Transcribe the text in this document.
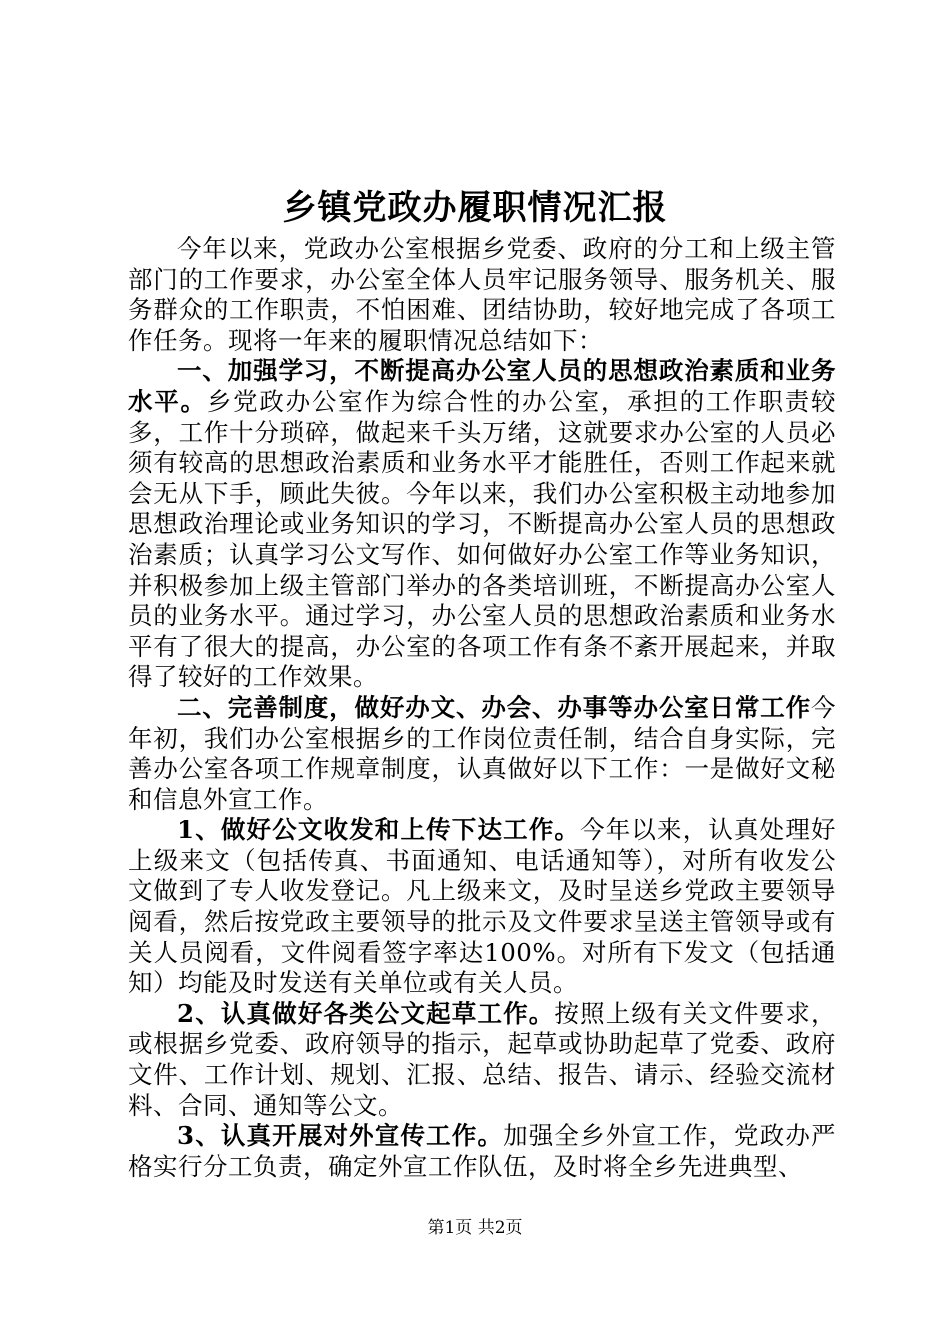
乡镇党政办履职情况汇报

今年以来，党政办公室根据乡党委、政府的分工和上级主管部门的工作要求，办公室全体人员牢记服务领导、服务机关、服务群众的工作职责，不怕困难、团结协助，较好地完成了各项工作任务。现将一年来的履职情况总结如下：

一、加强学习，不断提高办公室人员的思想政治素质和业务水平。乡党政办公室作为综合性的办公室，承担的工作职责较多，工作十分琐碎，做起来千头万绪，这就要求办公室的人员必须有较高的思想政治素质和业务水平才能胜任，否则工作起来就会无从下手，顾此失彼。今年以来，我们办公室积极主动地参加思想政治理论或业务知识的学习，不断提高办公室人员的思想政治素质；认真学习公文写作、如何做好办公室工作等业务知识，并积极参加上级主管部门举办的各类培训班，不断提高办公室人员的业务水平。通过学习，办公室人员的思想政治素质和业务水平有了很大的提高，办公室的各项工作有条不紊开展起来，并取得了较好的工作效果。

二、完善制度，做好办文、办会、办事等办公室日常工作今年初，我们办公室根据乡的工作岗位责任制，结合自身实际，完善办公室各项工作规章制度，认真做好以下工作：一是做好文秘和信息外宣工作。

1、做好公文收发和上传下达工作。今年以来，认真处理好上级来文（包括传真、书面通知、电话通知等），对所有收发公文做到了专人收发登记。凡上级来文，及时呈送乡党政主要领导阅看，然后按党政主要领导的批示及文件要求呈送主管领导或有关人员阅看，文件阅看签字率达100%。对所有下发文（包括通知）均能及时发送有关单位或有关人员。

2、认真做好各类公文起草工作。按照上级有关文件要求，或根据乡党委、政府领导的指示，起草或协助起草了党委、政府文件、工作计划、规划、汇报、总结、报告、请示、经验交流材料、合同、通知等公文。

3、认真开展对外宣传工作。加强全乡外宣工作，党政办严格实行分工负责，确定外宣工作队伍，及时将全乡先进典型、

第1页 共2页
